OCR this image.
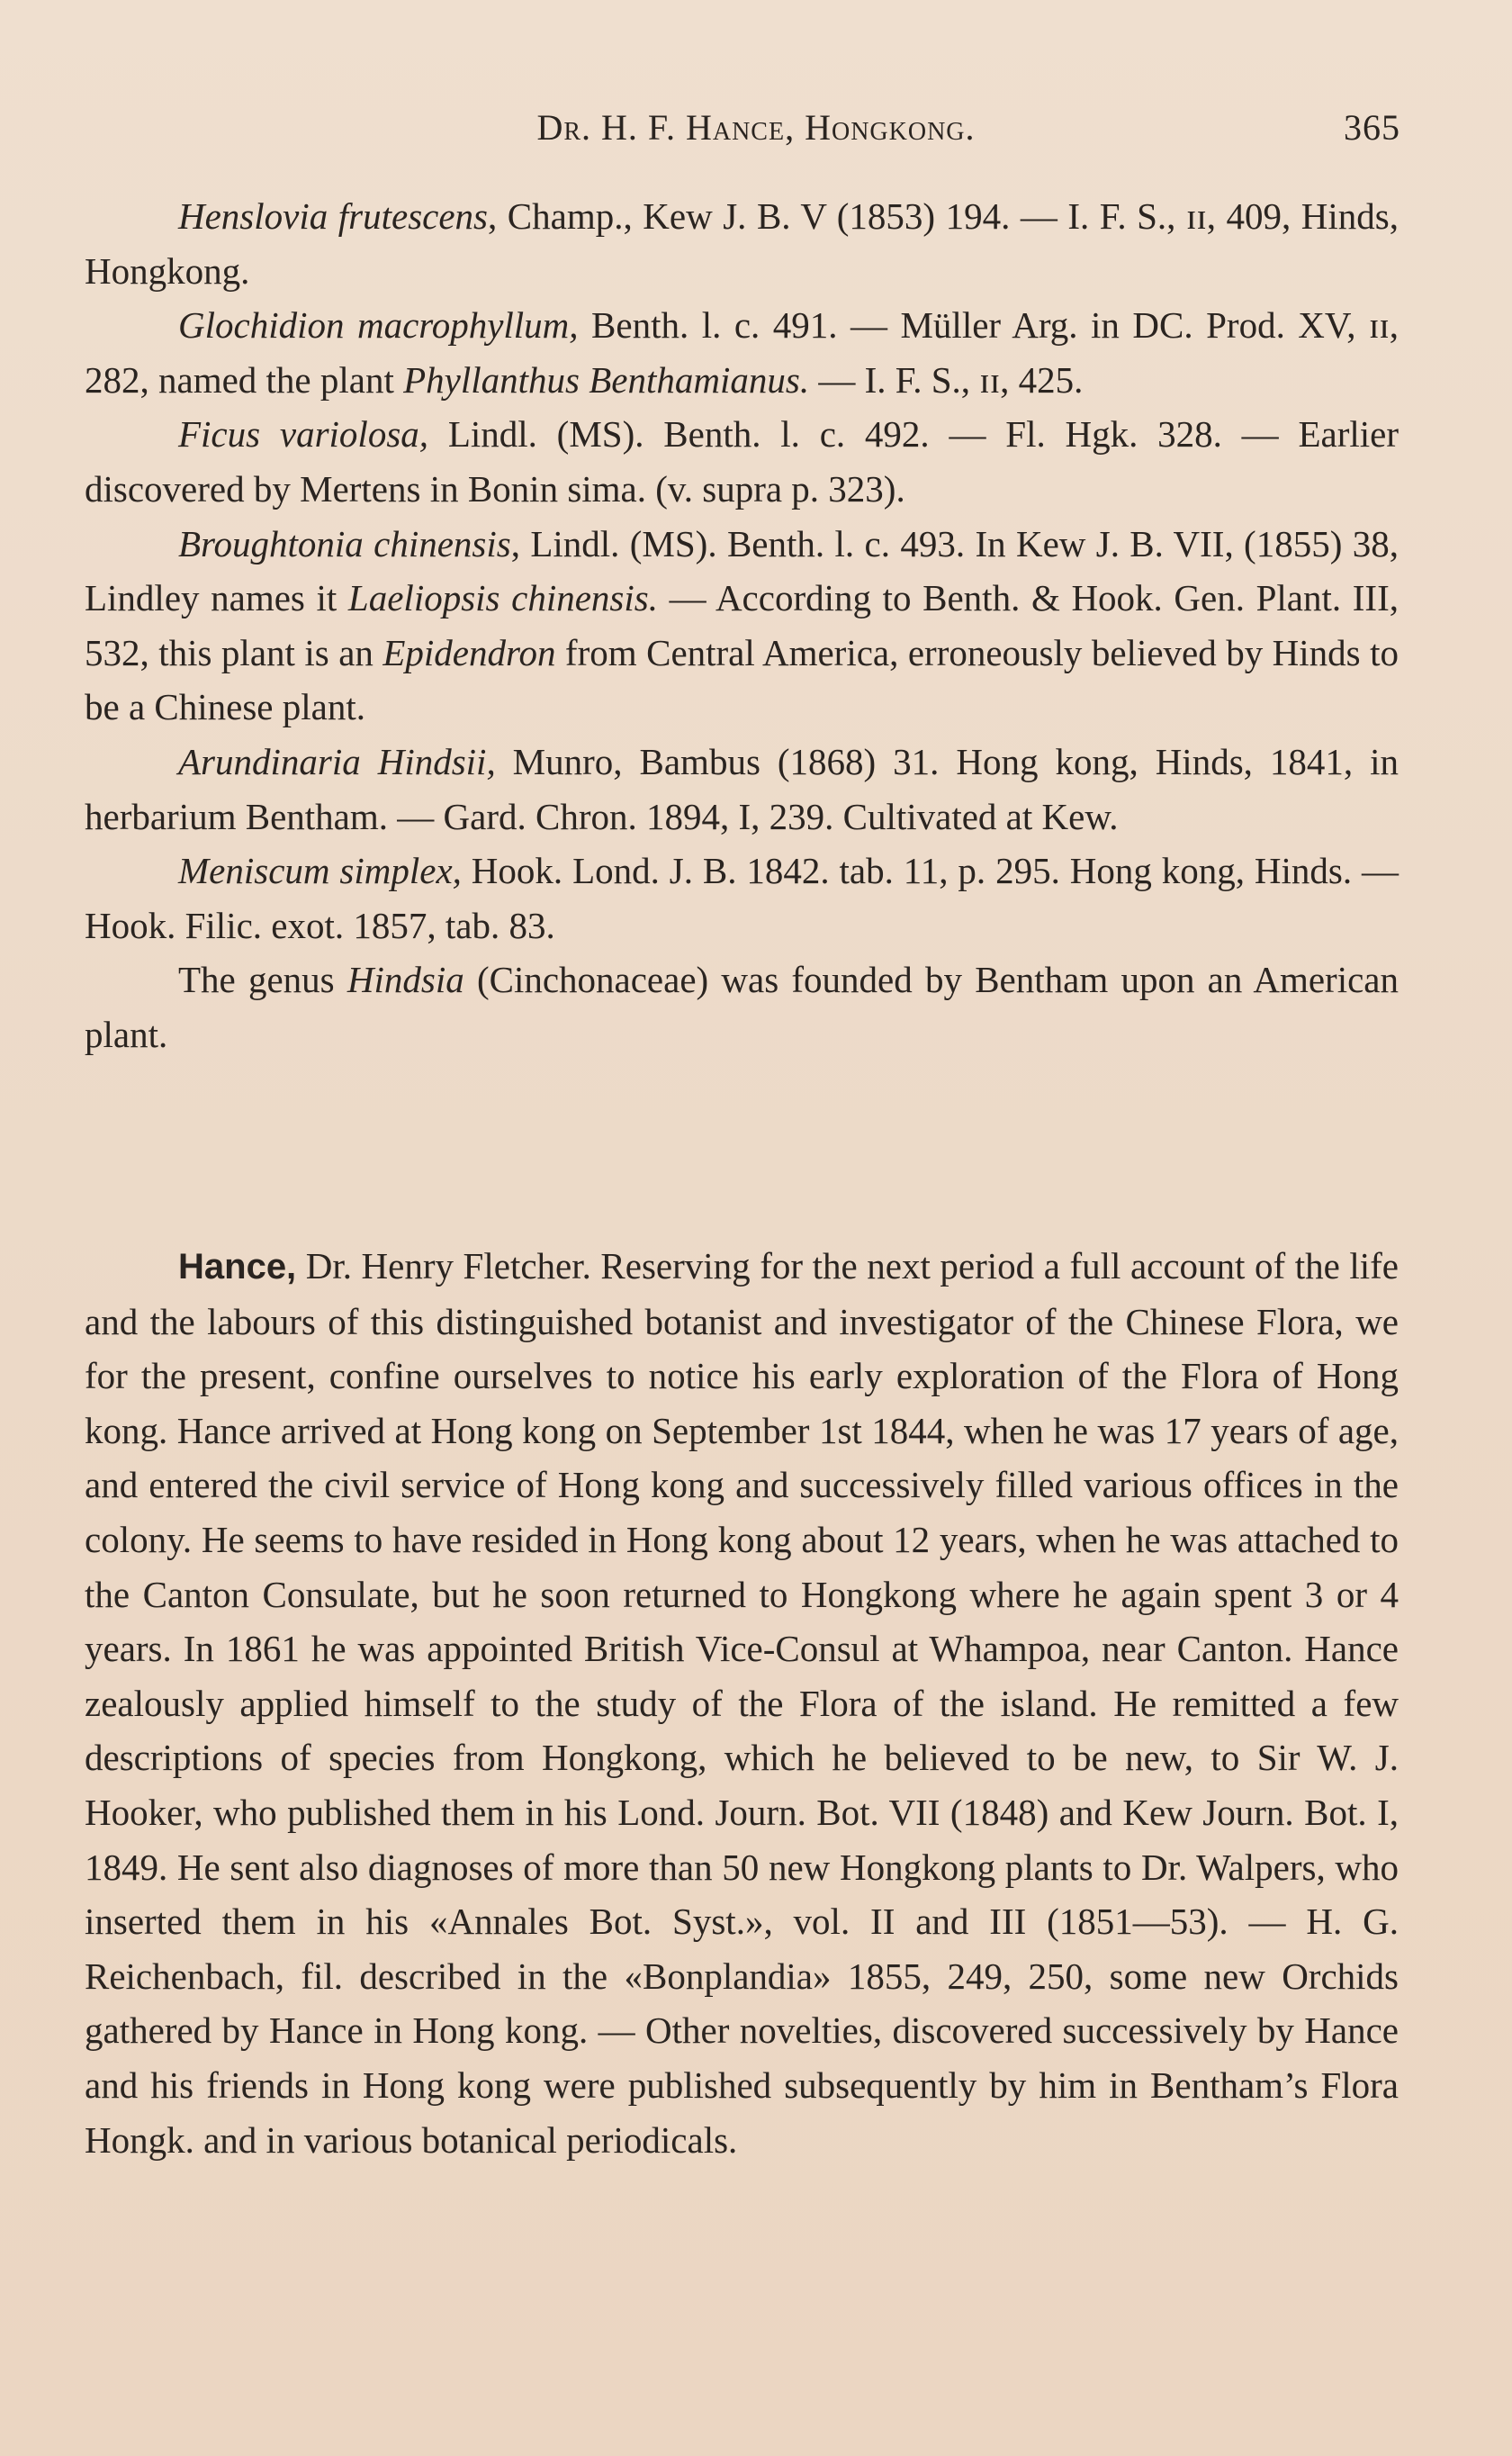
Dr. H. F. Hance, Hongkong.	365

Henslovia frutescens, Champ., Kew J. B. V (1853) 194. — I. F. S., ɪɪ, 409, Hinds, Hongkong.

Glochidion macrophyllum, Benth. l. c. 491. — Müller Arg. in DC. Prod. XV, ɪɪ, 282, named the plant Phyllanthus Benthamianus. — I. F. S., ɪɪ, 425.

Ficus variolosa, Lindl. (MS). Benth. l. c. 492. — Fl. Hgk. 328. — Earlier discovered by Mertens in Bonin sima. (v. supra p. 323).

Broughtonia chinensis, Lindl. (MS). Benth. l. c. 493. In Kew J. B. VII, (1855) 38, Lindley names it Laeliopsis chinensis. — According to Benth. & Hook. Gen. Plant. III, 532, this plant is an Epidendron from Central America, erroneously believed by Hinds to be a Chinese plant.

Arundinaria Hindsii, Munro, Bambus (1868) 31. Hong kong, Hinds, 1841, in herbarium Bentham. — Gard. Chron. 1894, I, 239. Cultivated at Kew.

Meniscum simplex, Hook. Lond. J. B. 1842. tab. 11, p. 295. Hong kong, Hinds. — Hook. Filic. exot. 1857, tab. 83.

The genus Hindsia (Cinchonaceae) was founded by Bentham upon an American plant.

Hance, Dr. Henry Fletcher. Reserving for the next period a full account of the life and the labours of this distinguished botanist and investigator of the Chinese Flora, we for the present, confine ourselves to notice his early exploration of the Flora of Hong kong. Hance arrived at Hong kong on September 1st 1844, when he was 17 years of age, and entered the civil service of Hong kong and successively filled various offices in the colony. He seems to have resided in Hong kong about 12 years, when he was attached to the Canton Consulate, but he soon returned to Hongkong where he again spent 3 or 4 years. In 1861 he was appointed British Vice-Consul at Whampoa, near Canton. Hance zealously applied himself to the study of the Flora of the island. He remitted a few descriptions of species from Hongkong, which he believed to be new, to Sir W. J. Hooker, who published them in his Lond. Journ. Bot. VII (1848) and Kew Journ. Bot. I, 1849. He sent also diagnoses of more than 50 new Hongkong plants to Dr. Walpers, who inserted them in his «Annales Bot. Syst.», vol. II and III (1851—53). — H. G. Reichenbach, fil. described in the «Bonplandia» 1855, 249, 250, some new Orchids gathered by Hance in Hong kong. — Other novelties, discovered successively by Hance and his friends in Hong kong were published subsequently by him in Bentham’s Flora Hongk. and in various botanical periodicals.
